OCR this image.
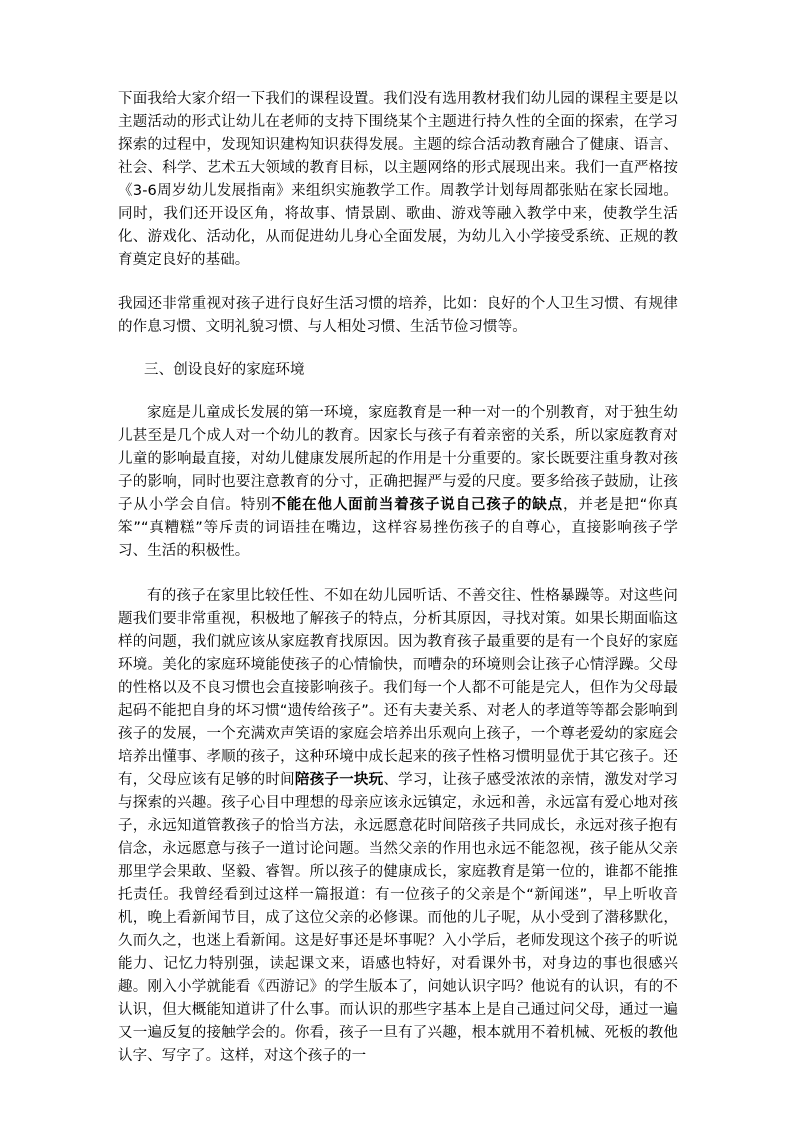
下面我给大家介绍一下我们的课程设置。我们没有选用教材我们幼儿园的课程主要是以主题活动的形式让幼儿在老师的支持下围绕某个主题进行持久性的全面的探索，在学习探索的过程中，发现知识建构知识获得发展。主题的综合活动教育融合了健康、语言、社会、科学、艺术五大领域的教育目标，以主题网络的形式展现出来。我们一直严格按《3-6周岁幼儿发展指南》来组织实施教学工作。周教学计划每周都张贴在家长园地。同时，我们还开设区角，将故事、情景剧、歌曲、游戏等融入教学中来，使教学生活化、游戏化、活动化，从而促进幼儿身心全面发展，为幼儿入小学接受系统、正规的教育奠定良好的基础。

我园还非常重视对孩子进行良好生活习惯的培养，比如：良好的个人卫生习惯、有规律的作息习惯、文明礼貌习惯、与人相处习惯、生活节俭习惯等。

三、创设良好的家庭环境

家庭是儿童成长发展的第一环境，家庭教育是一种一对一的个别教育，对于独生幼儿甚至是几个成人对一个幼儿的教育。因家长与孩子有着亲密的关系，所以家庭教育对儿童的影响最直接，对幼儿健康发展所起的作用是十分重要的。家长既要注重身教对孩子的影响，同时也要注意教育的分寸，正确把握严与爱的尺度。要多给孩子鼓励，让孩子从小学会自信。特别不能在他人面前当着孩子说自己孩子的缺点，并老是把“你真笨”“真糟糕”等斥责的词语挂在嘴边，这样容易挫伤孩子的自尊心，直接影响孩子学习、生活的积极性。

有的孩子在家里比较任性、不如在幼儿园听话、不善交往、性格暴躁等。对这些问题我们要非常重视，积极地了解孩子的特点，分析其原因，寻找对策。如果长期面临这样的问题，我们就应该从家庭教育找原因。因为教育孩子最重要的是有一个良好的家庭环境。美化的家庭环境能使孩子的心情愉快，而嘈杂的环境则会让孩子心情浮躁。父母的性格以及不良习惯也会直接影响孩子。我们每一个人都不可能是完人，但作为父母最起码不能把自身的坏习惯“遗传给孩子”。还有夫妻关系、对老人的孝道等等都会影响到孩子的发展，一个充满欢声笑语的家庭会培养出乐观向上孩子，一个尊老爱幼的家庭会培养出懂事、孝顺的孩子，这种环境中成长起来的孩子性格习惯明显优于其它孩子。还有，父母应该有足够的时间陪孩子一块玩、学习，让孩子感受浓浓的亲情，激发对学习与探索的兴趣。孩子心目中理想的母亲应该永远镇定，永远和善，永远富有爱心地对孩子，永远知道管教孩子的恰当方法，永远愿意花时间陪孩子共同成长，永远对孩子抱有信念，永远愿意与孩子一道讨论问题。当然父亲的作用也永远不能忽视，孩子能从父亲那里学会果敢、坚毅、睿智。所以孩子的健康成长，家庭教育是第一位的，谁都不能推托责任。我曾经看到过这样一篇报道：有一位孩子的父亲是个“新闻迷”，早上听收音机，晚上看新闻节目，成了这位父亲的必修课。而他的儿子呢，从小受到了潜移默化，久而久之，也迷上看新闻。这是好事还是坏事呢？入小学后，老师发现这个孩子的听说能力、记忆力特别强，读起课文来，语感也特好，对看课外书，对身边的事也很感兴趣。刚入小学就能看《西游记》的学生版本了，问她认识字吗？他说有的认识，有的不认识，但大概能知道讲了什么事。而认识的那些字基本上是自己通过问父母，通过一遍又一遍反复的接触学会的。你看，孩子一旦有了兴趣，根本就用不着机械、死板的教他认字、写字了。这样，对这个孩子的一
